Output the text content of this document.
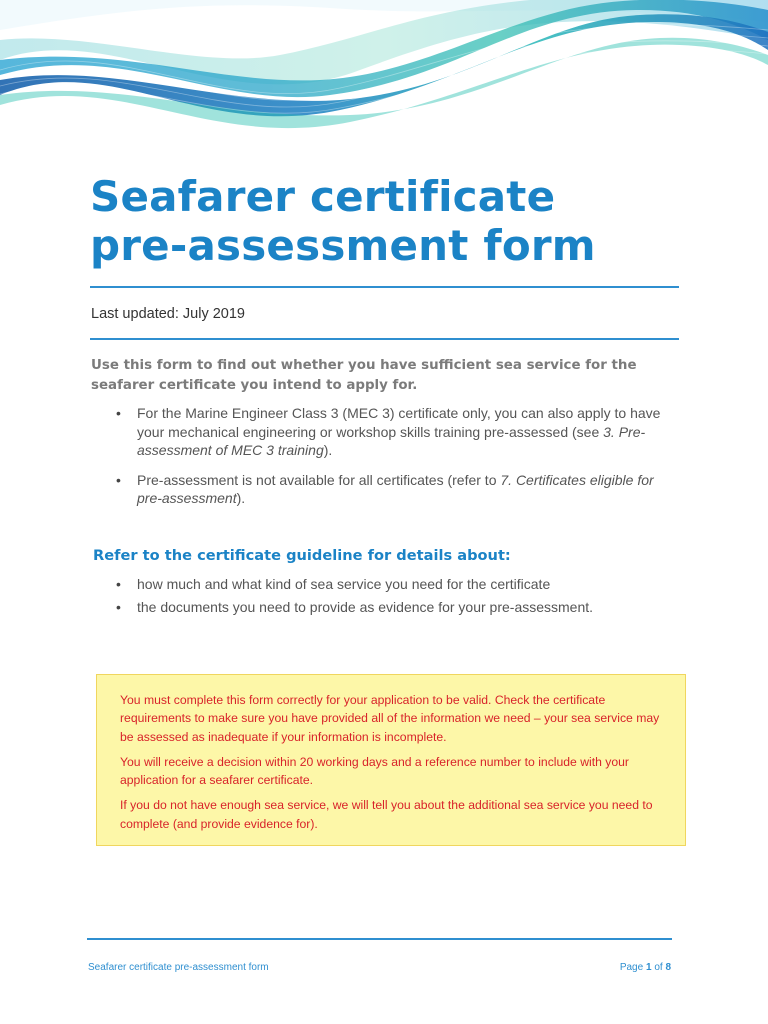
Seafarer certificate
pre-assessment form
Last updated: July 2019

Use this form to find out whether you have sufficient sea service for the seafarer certificate you intend to apply for.

• For the Marine Engineer Class 3 (MEC 3) certificate only, you can also apply to have your mechanical engineering or workshop skills training pre-assessed (see 3. Pre-assessment of MEC 3 training).
• Pre-assessment is not available for all certificates (refer to 7. Certificates eligible for pre-assessment).
Refer to the certificate guideline for details about:
• how much and what kind of sea service you need for the certificate
• the documents you need to provide as evidence for your pre-assessment.

You must complete this form correctly for your application to be valid. Check the certificate requirements to make sure you have provided all of the information we need – your sea service may be assessed as inadequate if your information is incomplete.

You will receive a decision within 20 working days and a reference number to include with your application for a seafarer certificate.

If you do not have enough sea service, we will tell you about the additional sea service you need to complete (and provide evidence for).

Seafarer certificate pre-assessment form	Page 1 of 8
